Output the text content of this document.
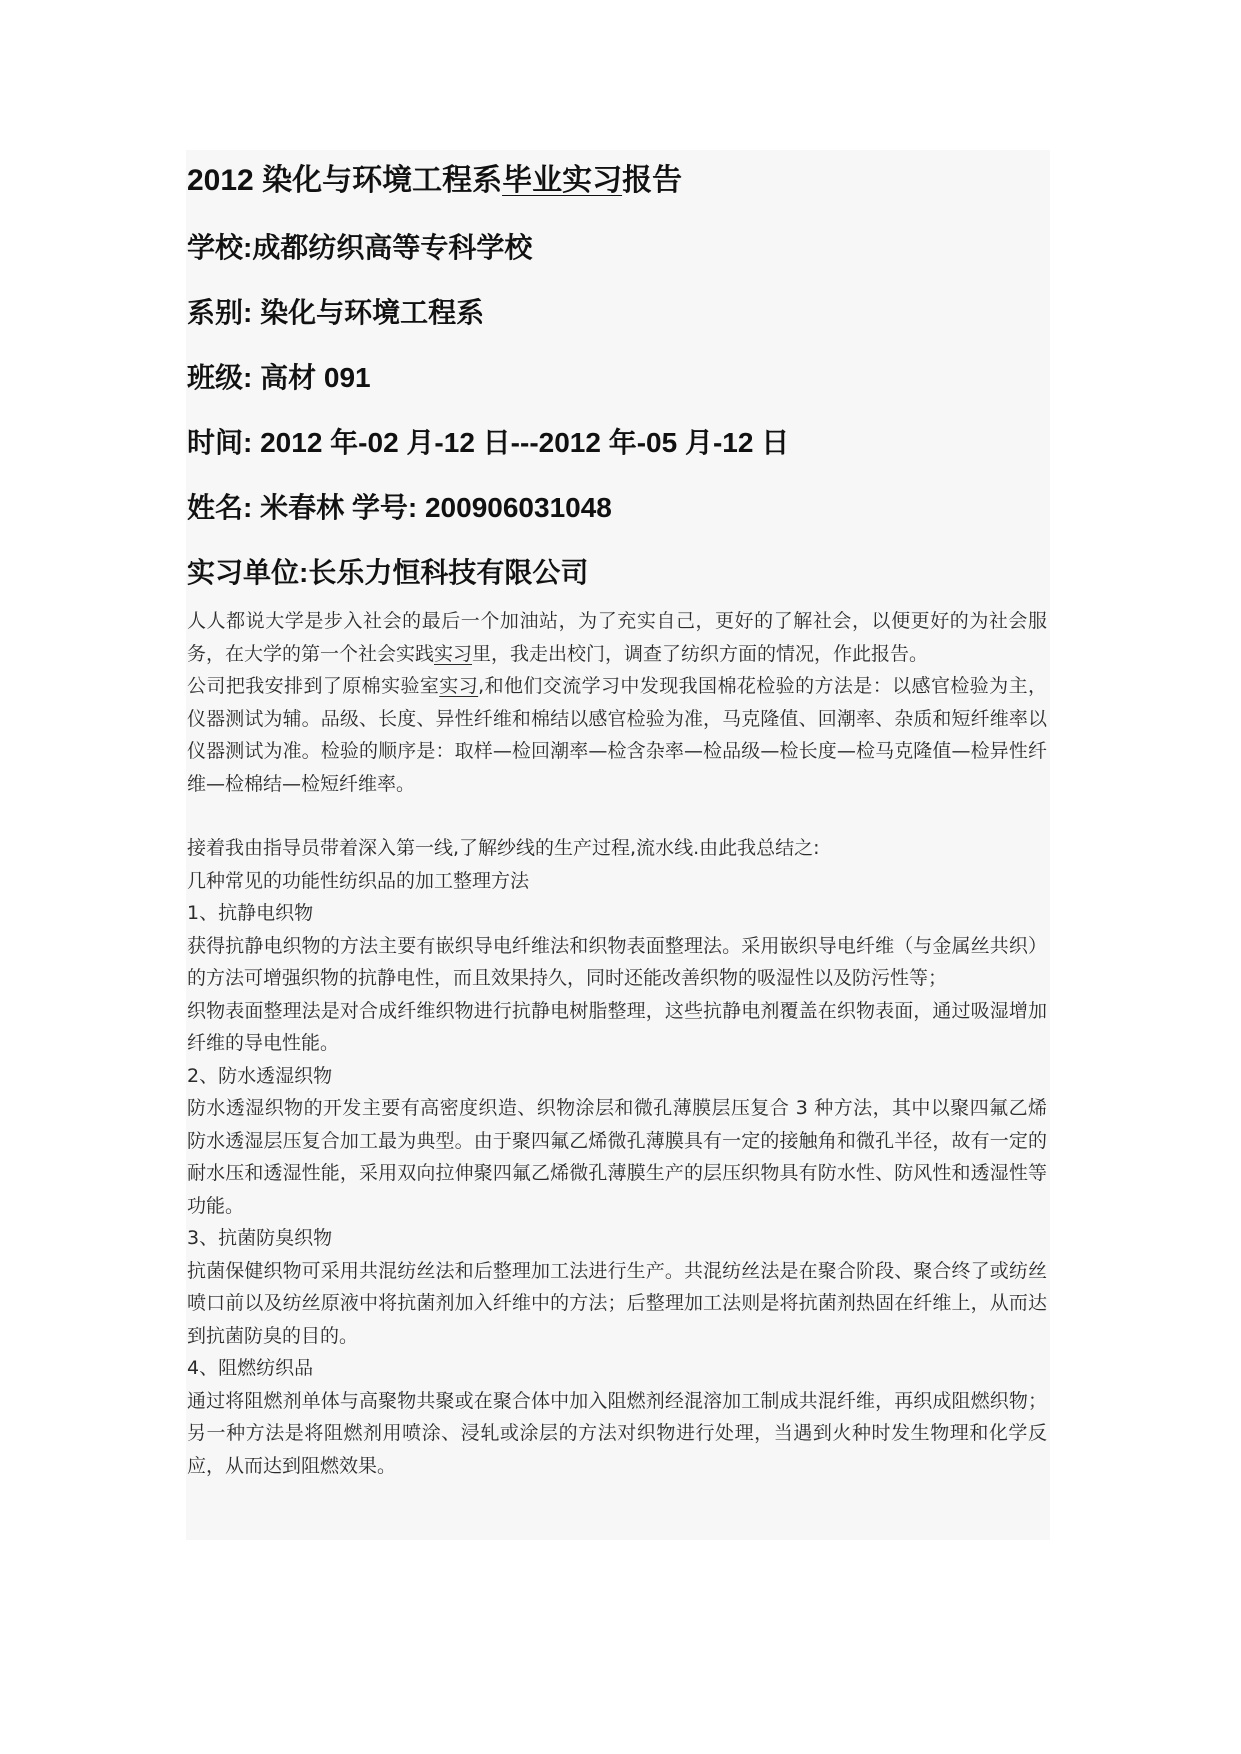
2012 染化与环境工程系毕业实习报告
学校:成都纺织高等专科学校
系别: 染化与环境工程系
班级: 高材 091
时间: 2012 年-02 月-12 日---2012 年-05 月-12 日
姓名: 米春林 学号: 200906031048
实习单位:长乐力恒科技有限公司

人人都说大学是步入社会的最后一个加油站，为了充实自己，更好的了解社会，以便更好的为社会服务，在大学的第一个社会实践实习里，我走出校门，调查了纺织方面的情况，作此报告。

公司把我安排到了原棉实验室实习,和他们交流学习中发现我国棉花检验的方法是：以感官检验为主，仪器测试为辅。品级、长度、异性纤维和棉结以感官检验为准，马克隆值、回潮率、杂质和短纤维率以仪器测试为准。检验的顺序是：取样—检回潮率—检含杂率—检品级—检长度—检马克隆值—检异性纤维—检棉结—检短纤维率。

接着我由指导员带着深入第一线,了解纱线的生产过程,流水线.由此我总结之:

几种常见的功能性纺织品的加工整理方法

1、抗静电织物

获得抗静电织物的方法主要有嵌织导电纤维法和织物表面整理法。采用嵌织导电纤维（与金属丝共织）的方法可增强织物的抗静电性，而且效果持久，同时还能改善织物的吸湿性以及防污性等；

织物表面整理法是对合成纤维织物进行抗静电树脂整理，这些抗静电剂覆盖在织物表面，通过吸湿增加纤维的导电性能。

2、防水透湿织物

防水透湿织物的开发主要有高密度织造、织物涂层和微孔薄膜层压复合 3 种方法，其中以聚四氟乙烯防水透湿层压复合加工最为典型。由于聚四氟乙烯微孔薄膜具有一定的接触角和微孔半径，故有一定的耐水压和透湿性能，采用双向拉伸聚四氟乙烯微孔薄膜生产的层压织物具有防水性、防风性和透湿性等功能。

3、抗菌防臭织物

抗菌保健织物可采用共混纺丝法和后整理加工法进行生产。共混纺丝法是在聚合阶段、聚合终了或纺丝喷口前以及纺丝原液中将抗菌剂加入纤维中的方法；后整理加工法则是将抗菌剂热固在纤维上，从而达到抗菌防臭的目的。

4、阻燃纺织品

通过将阻燃剂单体与高聚物共聚或在聚合体中加入阻燃剂经混溶加工制成共混纤维，再织成阻燃织物；另一种方法是将阻燃剂用喷涂、浸轧或涂层的方法对织物进行处理，当遇到火种时发生物理和化学反应，从而达到阻燃效果。
